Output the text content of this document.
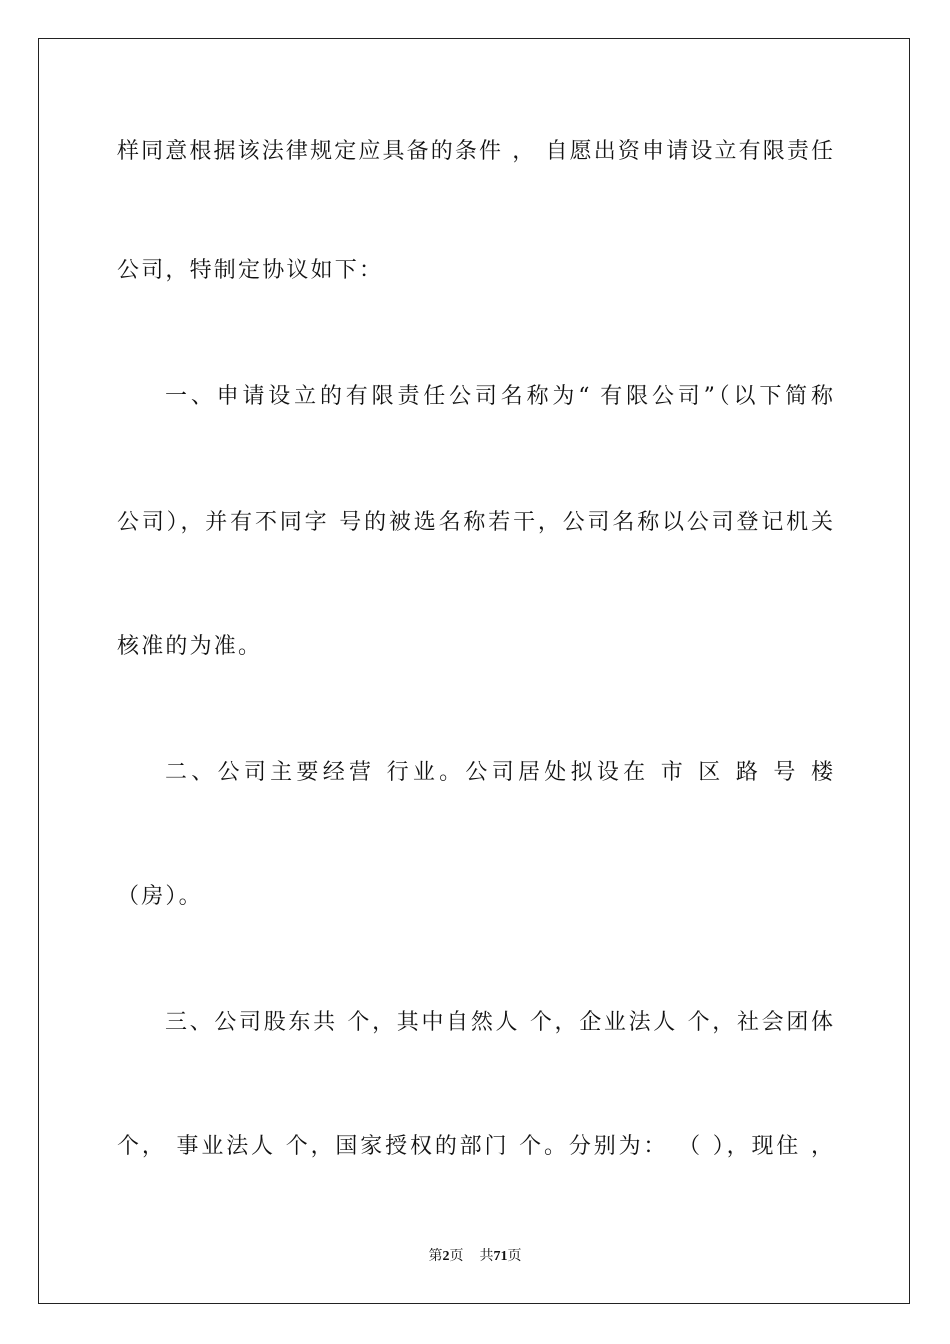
样同意根据该法律规定应具备的条件 ， 自愿出资申请设立有限责任
公司，特制定协议如下：
一、申请设立的有限责任公司名称为“ 有限公司”（以下简称
公司），并有不同字 号的被选名称若干，公司名称以公司登记机关
核准的为准。
二、公司主要经营 行业。公司居处拟设在 市 区 路 号 楼
（房）。
三、公司股东共 个，其中自然人 个，企业法人 个，社会团体
个， 事业法人 个，国家授权的部门 个。分别为： （ ），现住 ，
第2页 共71页
